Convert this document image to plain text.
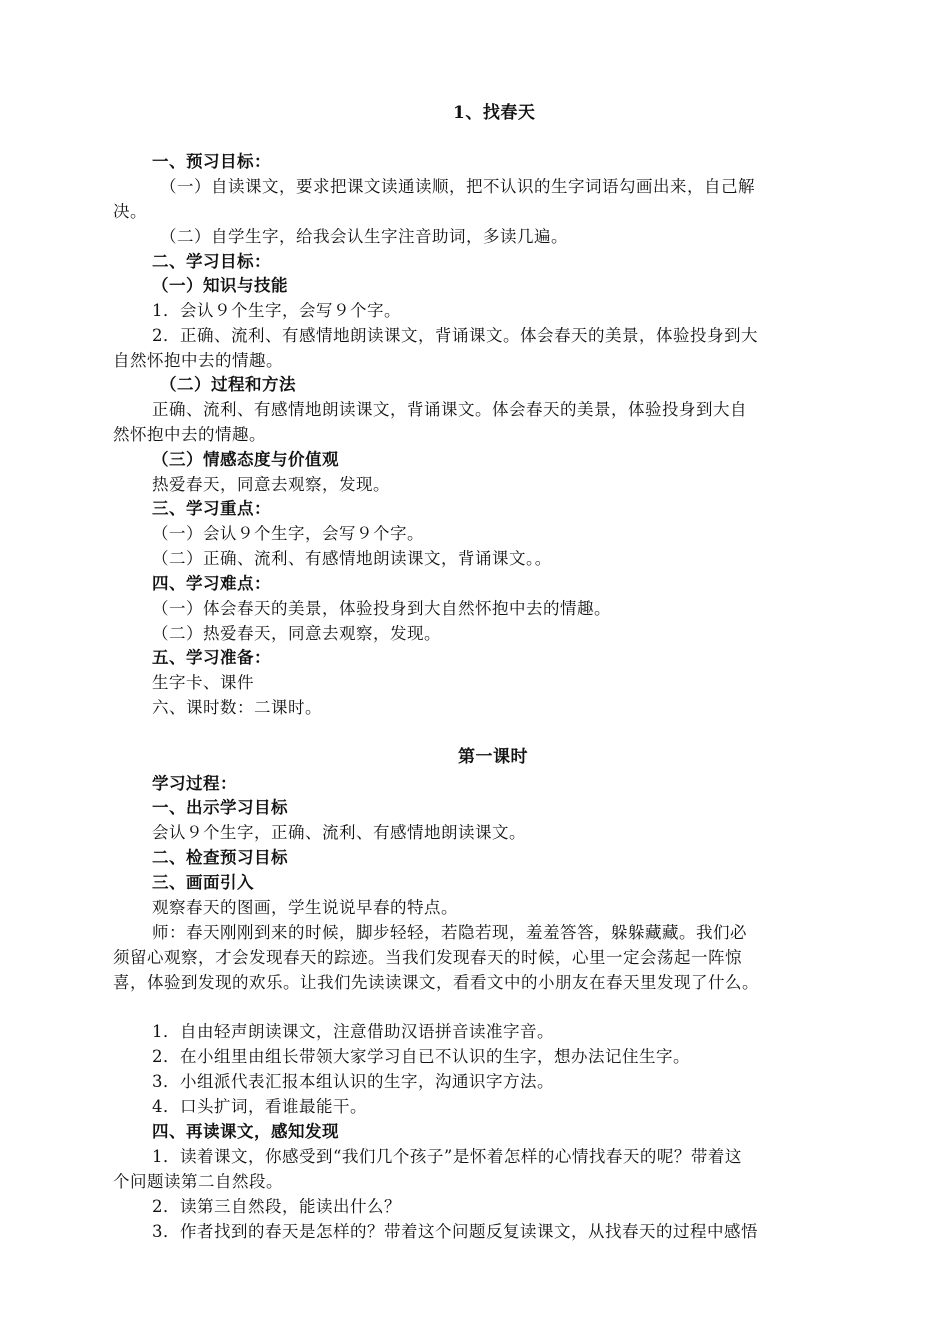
1、找春天
一、预习目标：
（一）自读课文，要求把课文读通读顺，把不认识的生字词语勾画出来，自己解
决。
（二）自学生字，给我会认生字注音助词，多读几遍。
二、学习目标：
（一）知识与技能
1．会认９个生字，会写９个字。
2．正确、流利、有感情地朗读课文，背诵课文。体会春天的美景，体验投身到大
自然怀抱中去的情趣。
（二）过程和方法
正确、流利、有感情地朗读课文，背诵课文。体会春天的美景，体验投身到大自
然怀抱中去的情趣。
（三）情感态度与价值观
热爱春天，同意去观察，发现。
三、学习重点：
（一）会认９个生字，会写９个字。
（二）正确、流利、有感情地朗读课文，背诵课文。。
四、学习难点：
（一）体会春天的美景，体验投身到大自然怀抱中去的情趣。
（二）热爱春天，同意去观察，发现。
五、学习准备：
生字卡、课件
六、课时数：二课时。
第一课时
学习过程：
一、出示学习目标
会认９个生字，正确、流利、有感情地朗读课文。
二、检查预习目标
三、画面引入
观察春天的图画，学生说说早春的特点。
师：春天刚刚到来的时候，脚步轻轻，若隐若现，羞羞答答，躲躲藏藏。我们必
须留心观察，才会发现春天的踪迹。当我们发现春天的时候，心里一定会荡起一阵惊
喜，体验到发现的欢乐。让我们先读读课文，看看文中的小朋友在春天里发现了什么。
1．自由轻声朗读课文，注意借助汉语拼音读准字音。
2．在小组里由组长带领大家学习自已不认识的生字，想办法记住生字。
3．小组派代表汇报本组认识的生字，沟通识字方法。
4．口头扩词，看谁最能干。
四、再读课文，感知发现
1．读着课文，你感受到“我们几个孩子”是怀着怎样的心情找春天的呢？带着这
个问题读第二自然段。
2．读第三自然段，能读出什么？
3．作者找到的春天是怎样的？带着这个问题反复读课文，从找春天的过程中感悟
